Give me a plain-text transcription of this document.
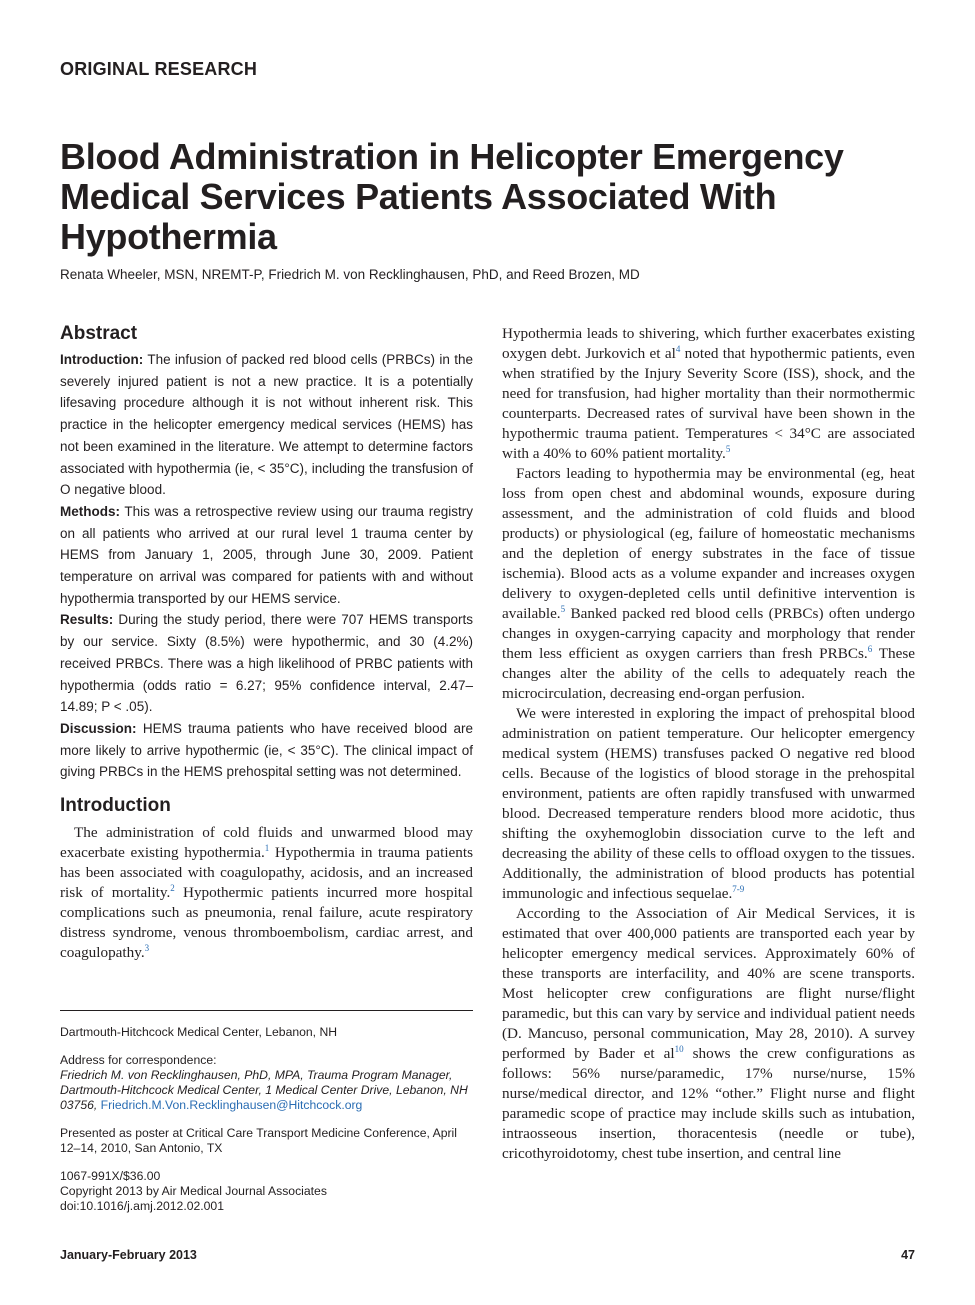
ORIGINAL RESEARCH
Blood Administration in Helicopter Emergency Medical Services Patients Associated With Hypothermia
Renata Wheeler, MSN, NREMT-P, Friedrich M. von Recklinghausen, PhD, and Reed Brozen, MD
Abstract

Introduction: The infusion of packed red blood cells (PRBCs) in the severely injured patient is not a new practice. It is a potentially lifesaving procedure although it is not without inherent risk. This practice in the helicopter emergency medical services (HEMS) has not been examined in the literature. We attempt to determine factors associated with hypothermia (ie, < 35°C), including the transfusion of O negative blood.

Methods: This was a retrospective review using our trauma registry on all patients who arrived at our rural level 1 trauma center by HEMS from January 1, 2005, through June 30, 2009. Patient temperature on arrival was compared for patients with and without hypothermia transported by our HEMS service.

Results: During the study period, there were 707 HEMS transports by our service. Sixty (8.5%) were hypothermic, and 30 (4.2%) received PRBCs. There was a high likelihood of PRBC patients with hypothermia (odds ratio = 6.27; 95% confidence interval, 2.47–14.89; P < .05).

Discussion: HEMS trauma patients who have received blood are more likely to arrive hypothermic (ie, < 35°C). The clinical impact of giving PRBCs in the HEMS prehospital setting was not determined.

Introduction

The administration of cold fluids and unwarmed blood may exacerbate existing hypothermia.$^1$ Hypothermia in trauma patients has been associated with coagulopathy, acidosis, and an increased risk of mortality.$^2$ Hypothermic patients incurred more hospital complications such as pneumonia, renal failure, acute respiratory distress syndrome, venous thromboembolism, cardiac arrest, and coagulopathy.$^3$

Dartmouth-Hitchcock Medical Center, Lebanon, NH

Address for correspondence:
Friedrich M. von Recklinghausen, PhD, MPA, Trauma Program Manager,
Dartmouth-Hitchcock Medical Center, 1 Medical Center Drive, Lebanon, NH
03756, Friedrich.M.Von.Recklinghausen@Hitchcock.org

Presented as poster at Critical Care Transport Medicine Conference, April 12–14, 2010, San Antonio, TX

1067-991X/$36.00
Copyright 2013 by Air Medical Journal Associates
doi:10.1016/j.amj.2012.02.001

Hypothermia leads to shivering, which further exacerbates existing oxygen debt. Jurkovich et $al^4$ noted that hypothermic patients, even when stratified by the Injury Severity Score (ISS), shock, and the need for transfusion, had higher mortality than their normothermic counterparts. Decreased rates of survival have been shown in the hypothermic trauma patient. Temperatures < 34°C are associated with a 40% to 60% patient mortality.$^5$

Factors leading to hypothermia may be environmental (eg, heat loss from open chest and abdominal wounds, exposure during assessment, and the administration of cold fluids and blood products) or physiological (eg, failure of homeostatic mechanisms and the depletion of energy substrates in the face of tissue ischemia). Blood acts as a volume expander and increases oxygen delivery to oxygen-depleted cells until definitive intervention is available.$^5$ Banked packed red blood cells (PRBCs) often undergo changes in oxygen-carrying capacity and morphology that render them less efficient as oxygen carriers than fresh PRBCs.$^6$ These changes alter the ability of the cells to adequately reach the microcirculation, decreasing end-organ perfusion.

We were interested in exploring the impact of prehospital blood administration on patient temperature. Our helicopter emergency medical system (HEMS) transfuses packed O negative red blood cells. Because of the logistics of blood storage in the prehospital environment, patients are often rapidly transfused with unwarmed blood. Decreased temperature renders blood more acidotic, thus shifting the oxyhemoglobin dissociation curve to the left and decreasing the ability of these cells to offload oxygen to the tissues. Additionally, the administration of blood products has potential immunologic and infectious sequelae.$^{7-9}$

According to the Association of Air Medical Services, it is estimated that over 400,000 patients are transported each year by helicopter emergency medical services. Approximately 60% of these transports are interfacility, and 40% are scene transports. Most helicopter crew configurations are flight nurse/flight paramedic, but this can vary by service and individual patient needs (D. Mancuso, personal communication, May 28, 2010). A survey performed by Bader et $al^{10}$ shows the crew configurations as follows: 56% nurse/paramedic, 17% nurse/nurse, 15% nurse/medical director, and 12% “other.” Flight nurse and flight paramedic scope of practice may include skills such as intubation, intraosseous insertion, thoracentesis (needle or tube), cricothyroidotomy, chest tube insertion, and central line

January-February 2013	47
